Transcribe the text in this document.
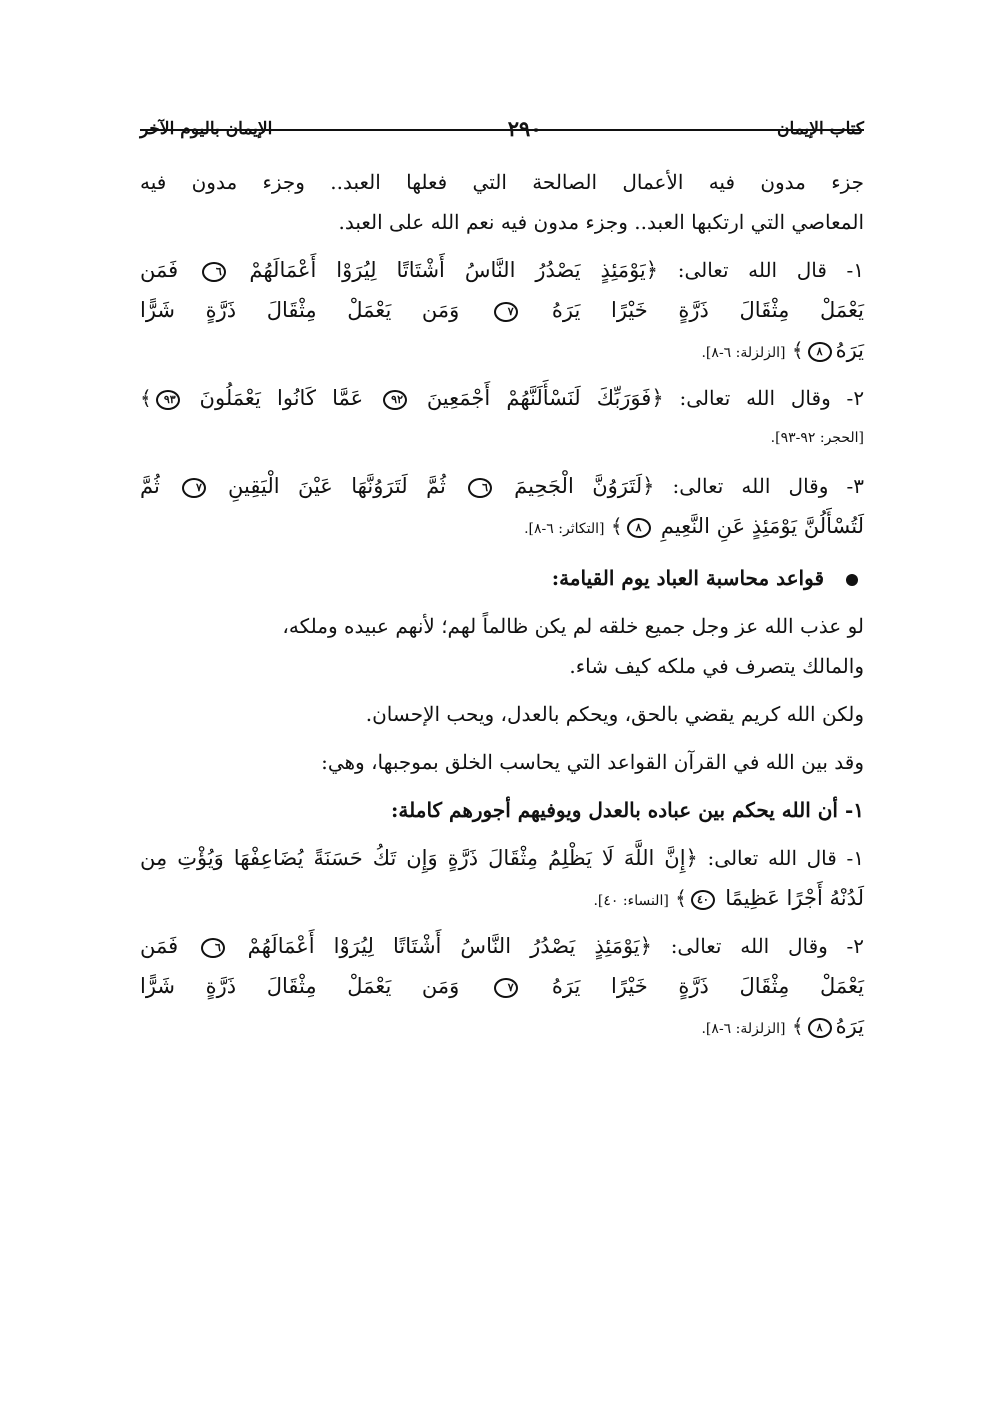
كتاب الإيمان
٢٩٠
الإيمان باليوم الآخر

جزء مدون فيه الأعمال الصالحة التي فعلها العبد.. وجزء مدون فيه
المعاصي التي ارتكبها العبد.. وجزء مدون فيه نعم الله على العبد.

١- قال الله تعالى: ﴿يَوْمَئِذٍ يَصْدُرُ النَّاسُ أَشْتَاتًا لِيُرَوْا أَعْمَالَهُمْ ٦ فَمَن
يَعْمَلْ مِثْقَالَ ذَرَّةٍ خَيْرًا يَرَهُ ٧ وَمَن يَعْمَلْ مِثْقَالَ ذَرَّةٍ شَرًّا
يَرَهُ٨﴾ [الزلزلة: ٦-٨].

٢- وقال الله تعالى: ﴿فَوَرَبِّكَ لَنَسْأَلَنَّهُمْ أَجْمَعِينَ ٩٢ عَمَّا كَانُوا يَعْمَلُونَ ٩٣﴾
[الحجر: ٩٢-٩٣].

٣- وقال الله تعالى: ﴿لَتَرَوُنَّ الْجَحِيمَ ٦ ثُمَّ لَتَرَوُنَّهَا عَيْنَ الْيَقِينِ ٧ ثُمَّ
لَتُسْأَلُنَّ يَوْمَئِذٍ عَنِ النَّعِيمِ ٨﴾ [التكاثر: ٦-٨].

قواعد محاسبة العباد يوم القيامة:

لو عذب الله عز وجل جميع خلقه لم يكن ظالماً لهم؛ لأنهم عبيده وملكه،
والمالك يتصرف في ملكه كيف شاء.

ولكن الله كريم يقضي بالحق، ويحكم بالعدل، ويحب الإحسان.

وقد بين الله في القرآن القواعد التي يحاسب الخلق بموجبها، وهي:

١- أن الله يحكم بين عباده بالعدل ويوفيهم أجورهم كاملة:

١- قال الله تعالى: ﴿إِنَّ اللَّهَ لَا يَظْلِمُ مِثْقَالَ ذَرَّةٍ وَإِن تَكُ حَسَنَةً يُضَاعِفْهَا وَيُؤْتِ مِن
لَدُنْهُ أَجْرًا عَظِيمًا ٤٠﴾ [النساء: ٤٠].

٢- وقال الله تعالى: ﴿يَوْمَئِذٍ يَصْدُرُ النَّاسُ أَشْتَاتًا لِيُرَوْا أَعْمَالَهُمْ ٦ فَمَن
يَعْمَلْ مِثْقَالَ ذَرَّةٍ خَيْرًا يَرَهُ ٧ وَمَن يَعْمَلْ مِثْقَالَ ذَرَّةٍ شَرًّا
يَرَهُ٨﴾ [الزلزلة: ٦-٨].
